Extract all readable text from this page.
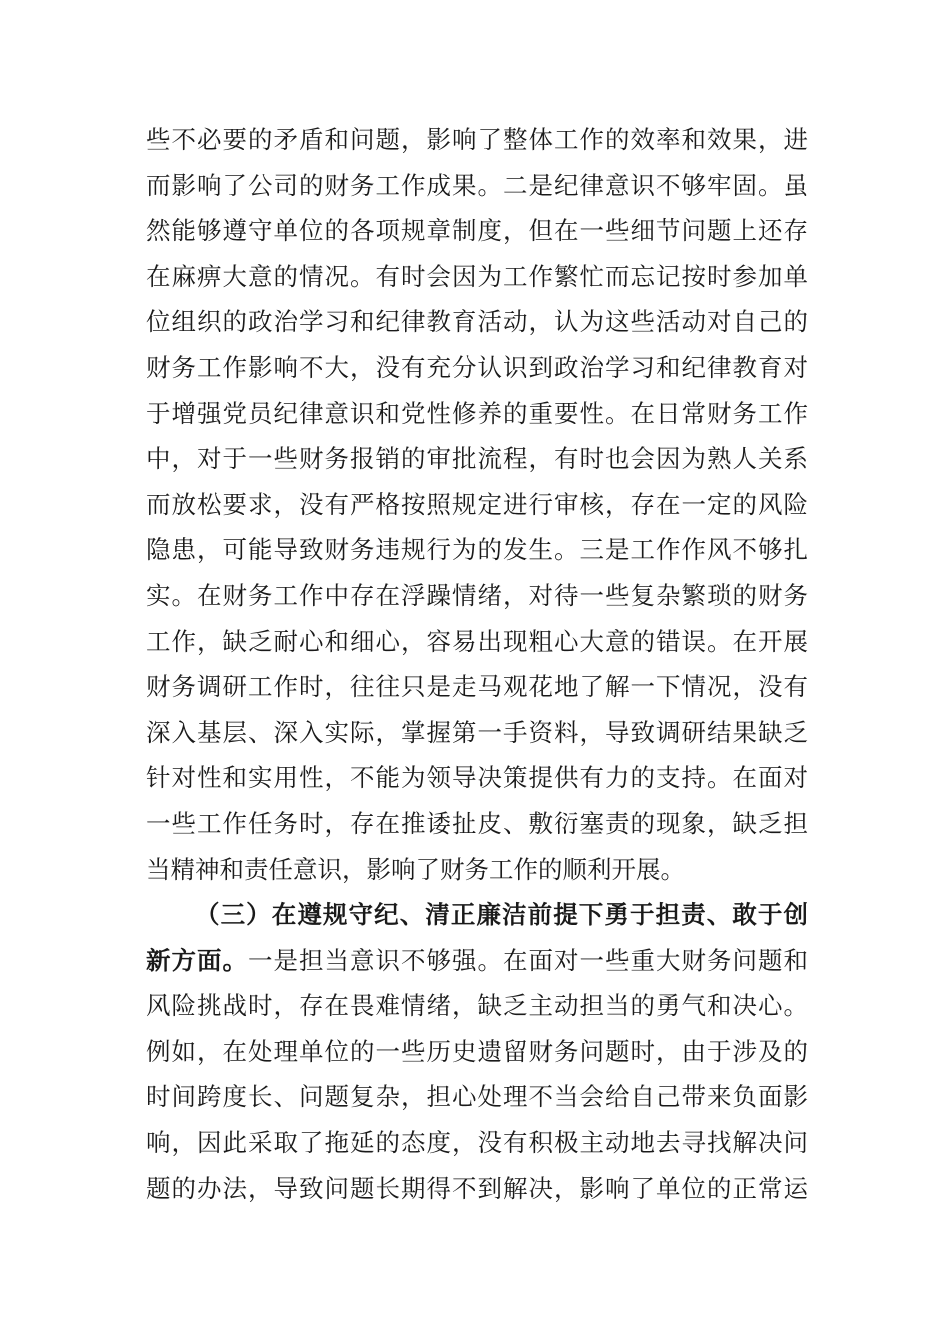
些不必要的矛盾和问题，影响了整体工作的效率和效果，进
而影响了公司的财务工作成果。二是纪律意识不够牢固。虽
然能够遵守单位的各项规章制度，但在一些细节问题上还存
在麻痹大意的情况。有时会因为工作繁忙而忘记按时参加单
位组织的政治学习和纪律教育活动，认为这些活动对自己的
财务工作影响不大，没有充分认识到政治学习和纪律教育对
于增强党员纪律意识和党性修养的重要性。在日常财务工作
中，对于一些财务报销的审批流程，有时也会因为熟人关系
而放松要求，没有严格按照规定进行审核，存在一定的风险
隐患，可能导致财务违规行为的发生。三是工作作风不够扎
实。在财务工作中存在浮躁情绪，对待一些复杂繁琐的财务
工作，缺乏耐心和细心，容易出现粗心大意的错误。在开展
财务调研工作时，往往只是走马观花地了解一下情况，没有
深入基层、深入实际，掌握第一手资料，导致调研结果缺乏
针对性和实用性，不能为领导决策提供有力的支持。在面对
一些工作任务时，存在推诿扯皮、敷衍塞责的现象，缺乏担
当精神和责任意识，影响了财务工作的顺利开展。
（三）在遵规守纪、清正廉洁前提下勇于担责、敢于创
新方面。一是担当意识不够强。在面对一些重大财务问题和
风险挑战时，存在畏难情绪，缺乏主动担当的勇气和决心。
例如，在处理单位的一些历史遗留财务问题时，由于涉及的
时间跨度长、问题复杂，担心处理不当会给自己带来负面影
响，因此采取了拖延的态度，没有积极主动地去寻找解决问
题的办法，导致问题长期得不到解决，影响了单位的正常运
